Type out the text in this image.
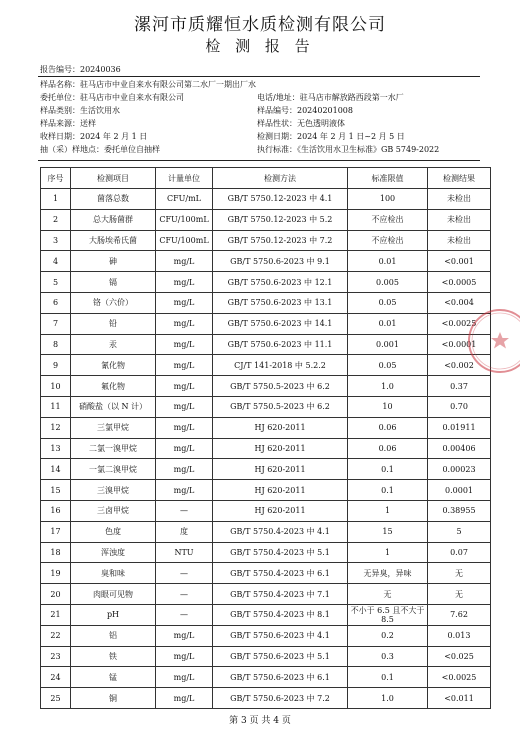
漯河市质耀恒水质检测有限公司
检 测 报 告
报告编号：20240036
样品名称：驻马店市中业自来水有限公司第二水厂一期出厂水
委托单位：驻马店市中业自来水有限公司	电话/地址：驻马店市解放路西段第一水厂
样品类别：生活饮用水	样品编号：20240201008
样品来源：送样	样品性状：无色透明液体
收样日期：2024 年 2 月 1 日	检测日期：2024 年 2 月 1 日~2 月 5 日
抽（采）样地点：委托单位自抽样	执行标准：《生活饮用水卫生标准》GB 5749-2022
序号	检测项目	计量单位	检测方法	标准限值	检测结果
1	菌落总数	CFU/mL	GB/T 5750.12-2023 中 4.1	100	未检出
2	总大肠菌群	CFU/100mL	GB/T 5750.12-2023 中 5.2	不应检出	未检出
3	大肠埃希氏菌	CFU/100mL	GB/T 5750.12-2023 中 7.2	不应检出	未检出
4	砷	mg/L	GB/T 5750.6-2023 中 9.1	0.01	<0.001
5	镉	mg/L	GB/T 5750.6-2023 中 12.1	0.005	<0.0005
6	铬（六价）	mg/L	GB/T 5750.6-2023 中 13.1	0.05	<0.004
7	铅	mg/L	GB/T 5750.6-2023 中 14.1	0.01	<0.0025
8	汞	mg/L	GB/T 5750.6-2023 中 11.1	0.001	<0.0001
9	氰化物	mg/L	CJ/T 141-2018 中 5.2.2	0.05	<0.002
10	氟化物	mg/L	GB/T 5750.5-2023 中 6.2	1.0	0.37
11	硝酸盐（以 N 计）	mg/L	GB/T 5750.5-2023 中 6.2	10	0.70
12	三氯甲烷	mg/L	HJ 620-2011	0.06	0.01911
13	二氯一溴甲烷	mg/L	HJ 620-2011	0.06	0.00406
14	一氯二溴甲烷	mg/L	HJ 620-2011	0.1	0.00023
15	三溴甲烷	mg/L	HJ 620-2011	0.1	0.0001
16	三卤甲烷	—	HJ 620-2011	1	0.38955
17	色度	度	GB/T 5750.4-2023 中 4.1	15	5
18	浑浊度	NTU	GB/T 5750.4-2023 中 5.1	1	0.07
19	臭和味	—	GB/T 5750.4-2023 中 6.1	无异臭，异味	无
20	肉眼可见物	—	GB/T 5750.4-2023 中 7.1	无	无
21	pH	—	GB/T 5750.4-2023 中 8.1	不小于 6.5 且不大于 8.5	7.62
22	铝	mg/L	GB/T 5750.6-2023 中 4.1	0.2	0.013
23	铁	mg/L	GB/T 5750.6-2023 中 5.1	0.3	<0.025
24	锰	mg/L	GB/T 5750.6-2023 中 6.1	0.1	<0.0025
25	铜	mg/L	GB/T 5750.6-2023 中 7.2	1.0	<0.011
第 3 页 共 4 页
